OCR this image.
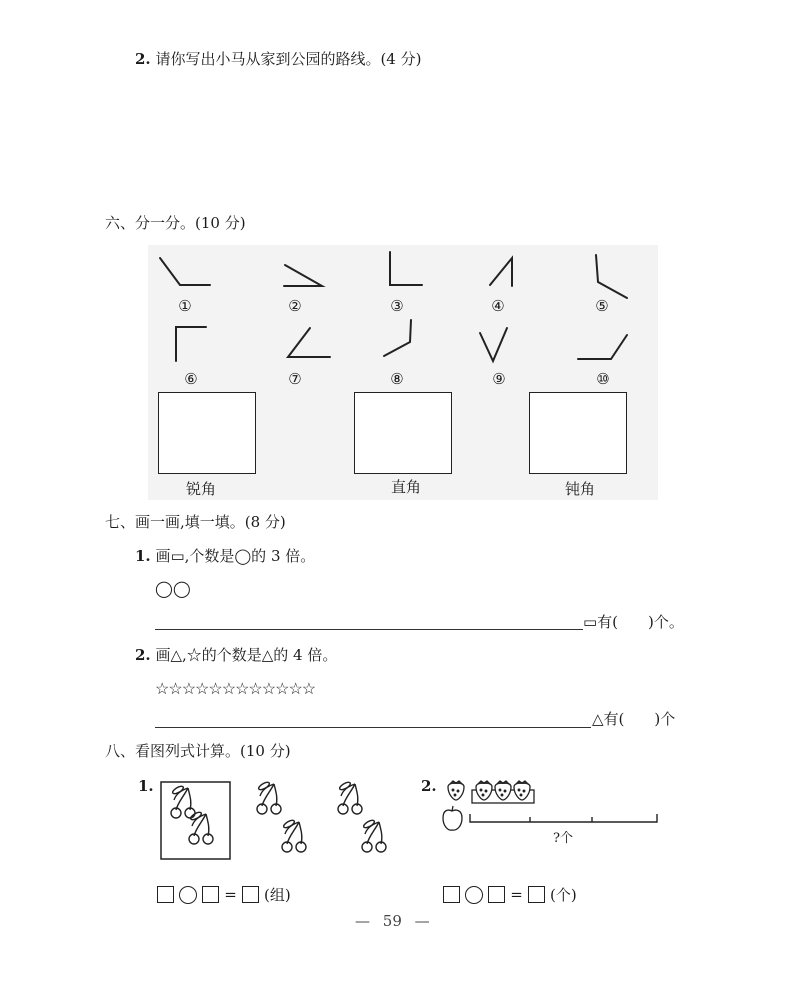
2. 请你写出小马从家到公园的路线。(4 分)
六、分一分。(10 分)
①	②	③	④	⑤
⑥	⑦	⑧	⑨	⑩
锐角	直角	钝角
七、画一画,填一填。(8 分)
1. 画▭,个数是◯的 3 倍。
◯◯
▭有(　　)个。
2. 画△,☆的个数是△的 4 倍。
☆☆☆☆☆☆☆☆☆☆☆☆
△有(　　)个
八、看图列式计算。(10 分)
1.	2.
?个
= (组)	= (个)
— 59 —
